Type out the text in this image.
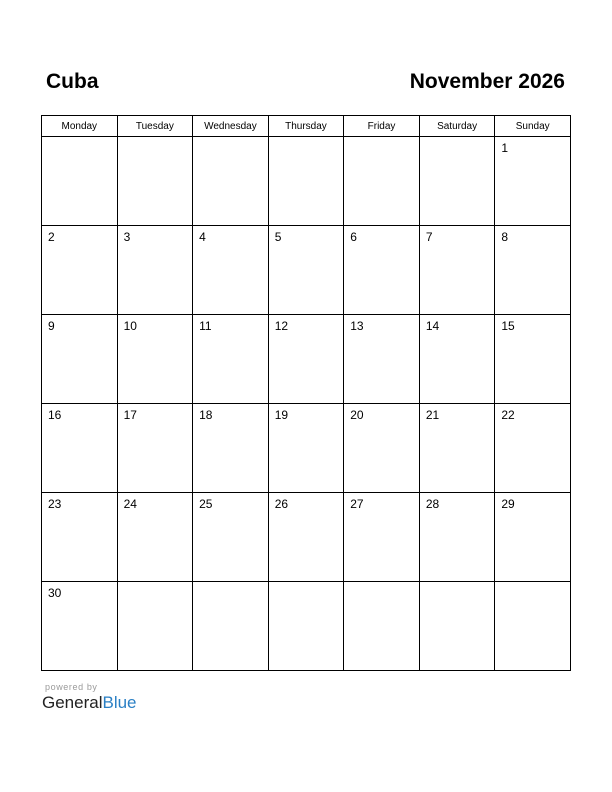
Cuba	November 2026
Monday	Tuesday	Wednesday	Thursday	Friday	Saturday	Sunday

						1

2	3	4	5	6	7	8

9	10	11	12	13	14	15

16	17	18	19	20	21	22

23	24	25	26	27	28	29

30						

powered by
GeneralBlue
